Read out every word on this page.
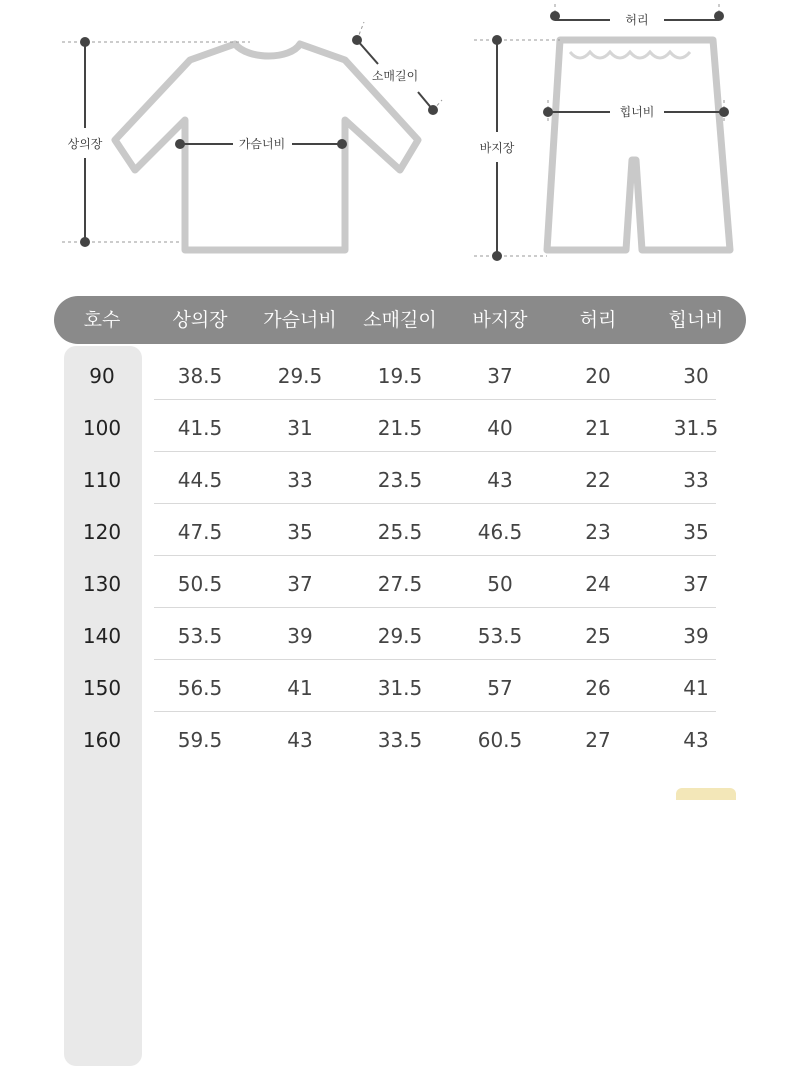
상의장	가슴너비
소매길이
허리
힙너비
바지장
호수	상의장	가슴너비	소매길이	바지장	허리	힙너비
90	38.5	29.5	19.5	37	20	30
100	41.5	31	21.5	40	21	31.5
110	44.5	33	23.5	43	22	33
120	47.5	35	25.5	46.5	23	35
130	50.5	37	27.5	50	24	37
140	53.5	39	29.5	53.5	25	39
150	56.5	41	31.5	57	26	41
160	59.5	43	33.5	60.5	27	43
